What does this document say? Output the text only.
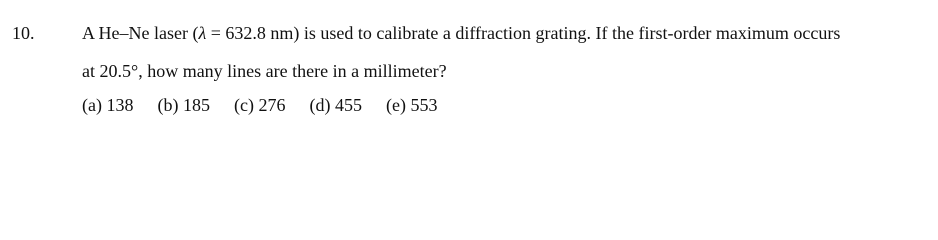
10.	A He–Ne laser (λ = 632.8 nm) is used to calibrate a diffraction grating. If the first-order maximum occurs
at 20.5°, how many lines are there in a millimeter?
(a) 138 (b) 185 (c) 276 (d) 455 (e) 553
